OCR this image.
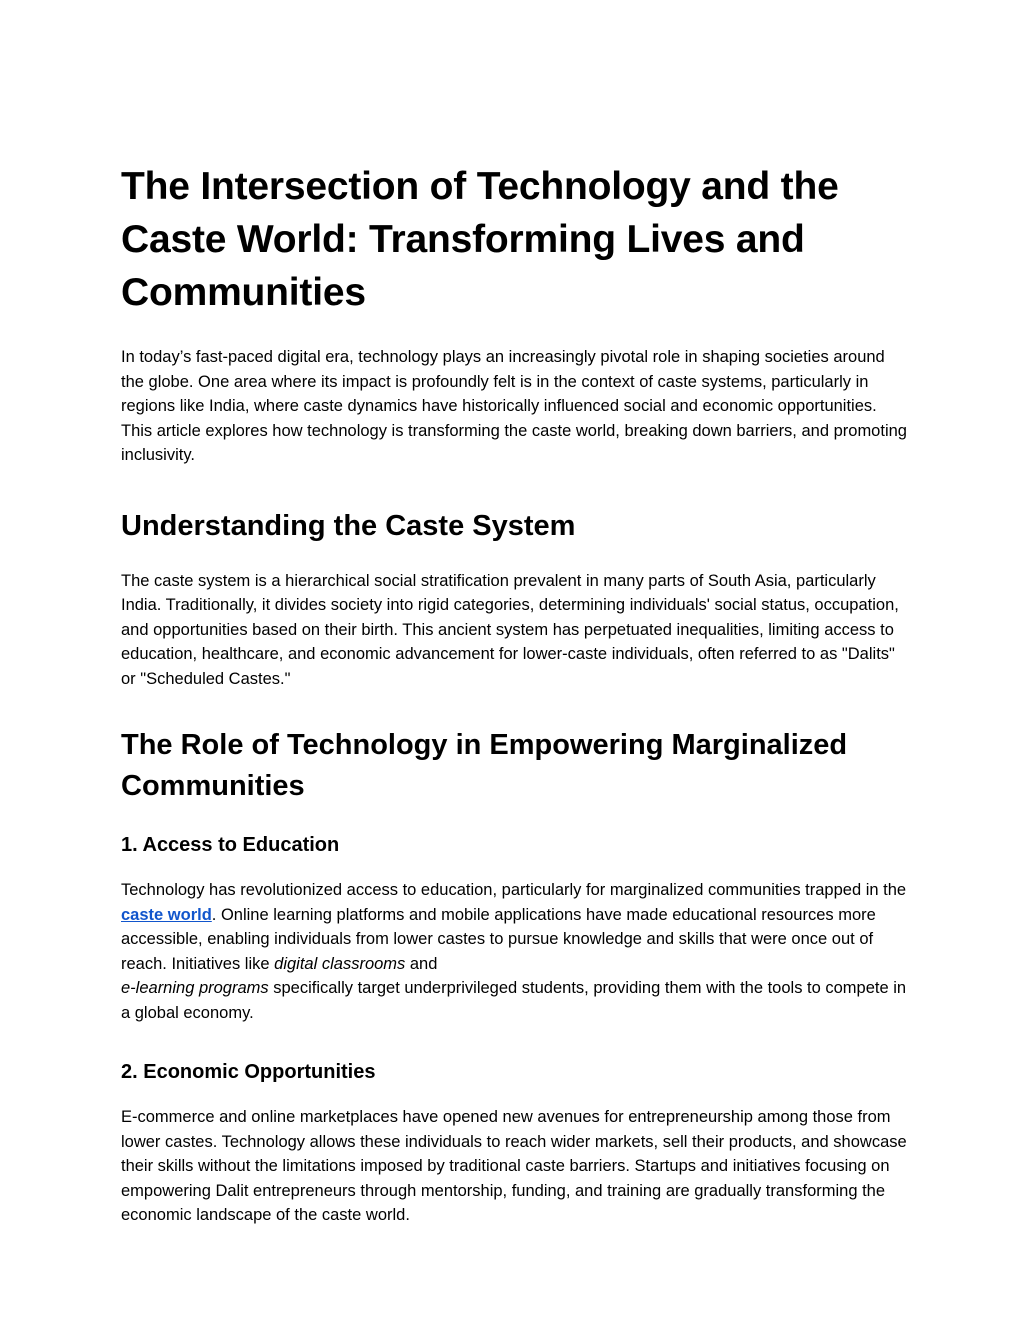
The Intersection of Technology and the Caste World: Transforming Lives and Communities

In today’s fast-paced digital era, technology plays an increasingly pivotal role in shaping societies around the globe. One area where its impact is profoundly felt is in the context of caste systems, particularly in regions like India, where caste dynamics have historically influenced social and economic opportunities. This article explores how technology is transforming the caste world, breaking down barriers, and promoting inclusivity.

Understanding the Caste System

The caste system is a hierarchical social stratification prevalent in many parts of South Asia, particularly India. Traditionally, it divides society into rigid categories, determining individuals' social status, occupation, and opportunities based on their birth. This ancient system has perpetuated inequalities, limiting access to education, healthcare, and economic advancement for lower-caste individuals, often referred to as "Dalits" or "Scheduled Castes."

The Role of Technology in Empowering Marginalized Communities
1. Access to Education

Technology has revolutionized access to education, particularly for marginalized communities trapped in the caste world. Online learning platforms and mobile applications have made educational resources more accessible, enabling individuals from lower castes to pursue knowledge and skills that were once out of reach. Initiatives like digital classrooms and
e-learning programs specifically target underprivileged students, providing them with the tools to compete in a global economy.

2. Economic Opportunities

E-commerce and online marketplaces have opened new avenues for entrepreneurship among those from lower castes. Technology allows these individuals to reach wider markets, sell their products, and showcase their skills without the limitations imposed by traditional caste barriers. Startups and initiatives focusing on empowering Dalit entrepreneurs through mentorship, funding, and training are gradually transforming the economic landscape of the caste world.
